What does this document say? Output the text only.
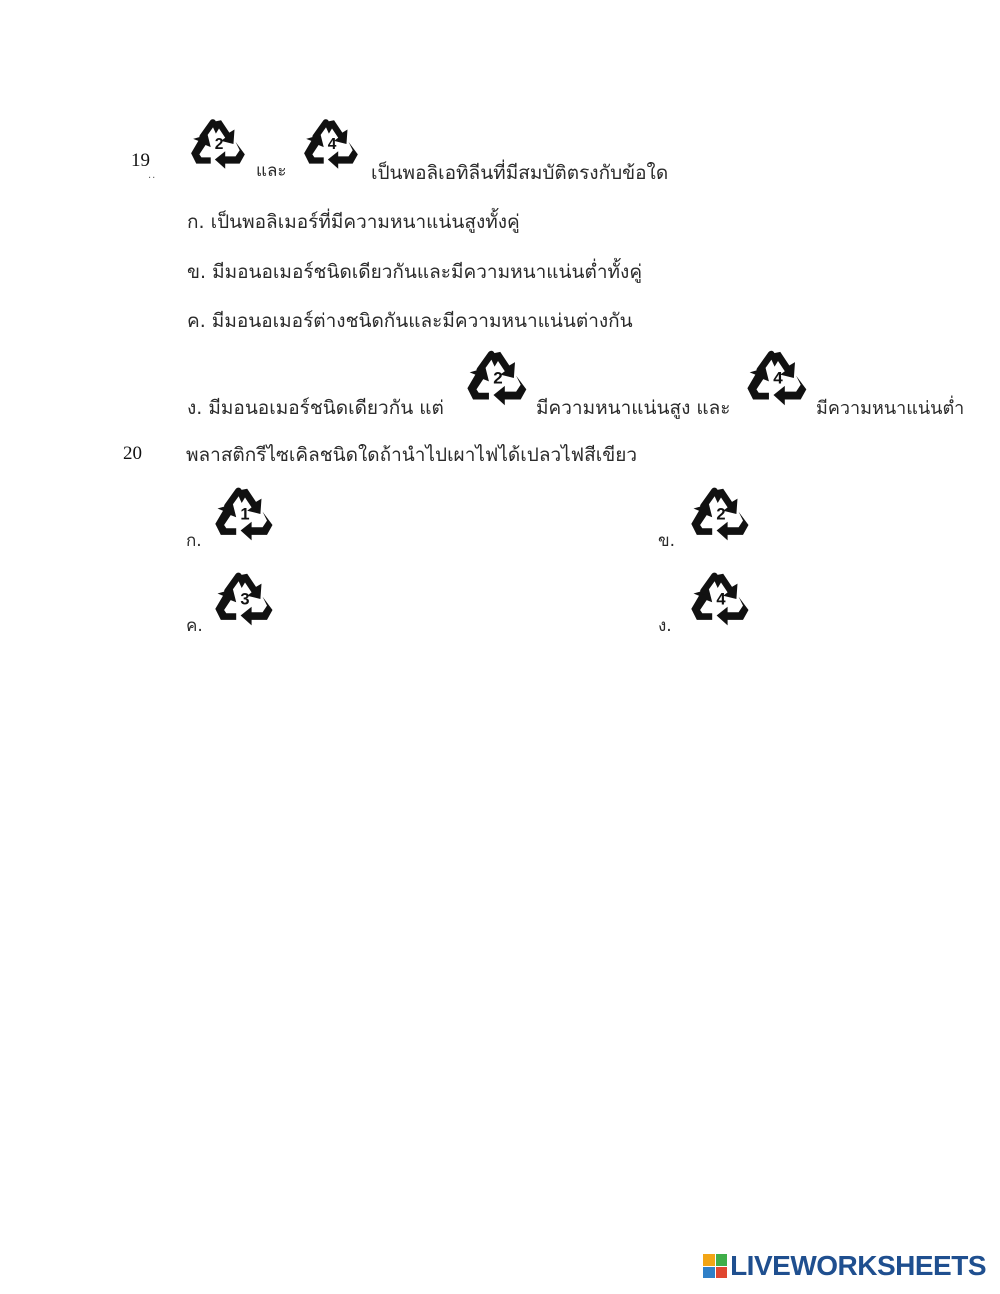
19
..
2
และ
4
เป็นพอลิเอทิลีนที่มีสมบัติตรงกับข้อใด
ก. เป็นพอลิเมอร์ที่มีความหนาแน่นสูงทั้งคู่
ข. มีมอนอเมอร์ชนิดเดียวกันและมีความหนาแน่นต่ำทั้งคู่
ค. มีมอนอเมอร์ต่างชนิดกันและมีความหนาแน่นต่างกัน
ง. มีมอนอเมอร์ชนิดเดียวกัน แต่
2
มีความหนาแน่นสูง และ
4
มีความหนาแน่นต่ำ
20 พลาสติกรีไซเคิลชนิดใดถ้านำไปเผาไฟได้เปลวไฟสีเขียว
ก.
1
ข.
2
ค.
3
ง.
4
LIVEWORKSHEETS
